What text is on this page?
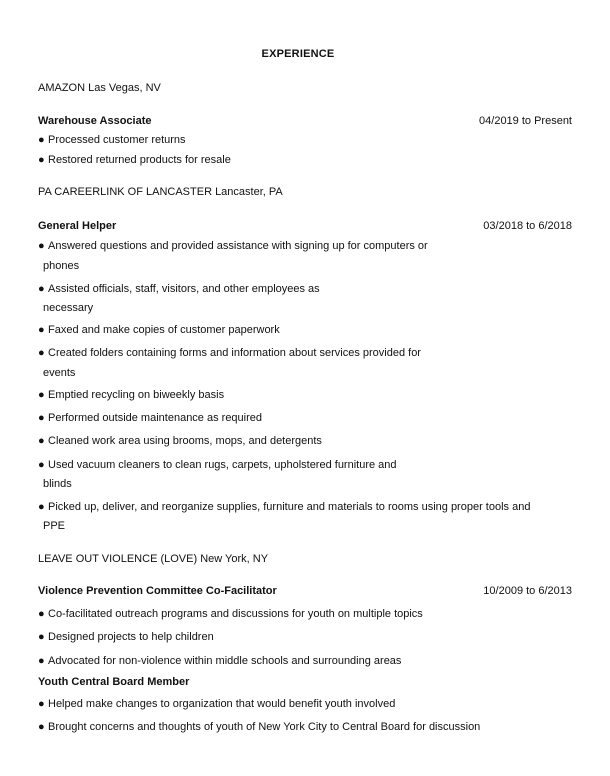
EXPERIENCE
AMAZON Las Vegas, NV
Warehouse Associate	04/2019 to Present
● Processed customer returns
● Restored returned products for resale
PA CAREERLINK OF LANCASTER Lancaster, PA
General Helper	03/2018 to 6/2018
● Answered questions and provided assistance with signing up for computers or
phones
● Assisted officials, staff, visitors, and other employees as
necessary
● Faxed and make copies of customer paperwork
● Created folders containing forms and information about services provided for
events
● Emptied recycling on biweekly basis
● Performed outside maintenance as required
● Cleaned work area using brooms, mops, and detergents
● Used vacuum cleaners to clean rugs, carpets, upholstered furniture and
blinds
● Picked up, deliver, and reorganize supplies, furniture and materials to rooms using proper tools and
PPE
LEAVE OUT VIOLENCE (LOVE) New York, NY
Violence Prevention Committee Co-Facilitator	10/2009 to 6/2013
● Co-facilitated outreach programs and discussions for youth on multiple topics
● Designed projects to help children
● Advocated for non-violence within middle schools and surrounding areas
Youth Central Board Member
● Helped make changes to organization that would benefit youth involved
● Brought concerns and thoughts of youth of New York City to Central Board for discussion
